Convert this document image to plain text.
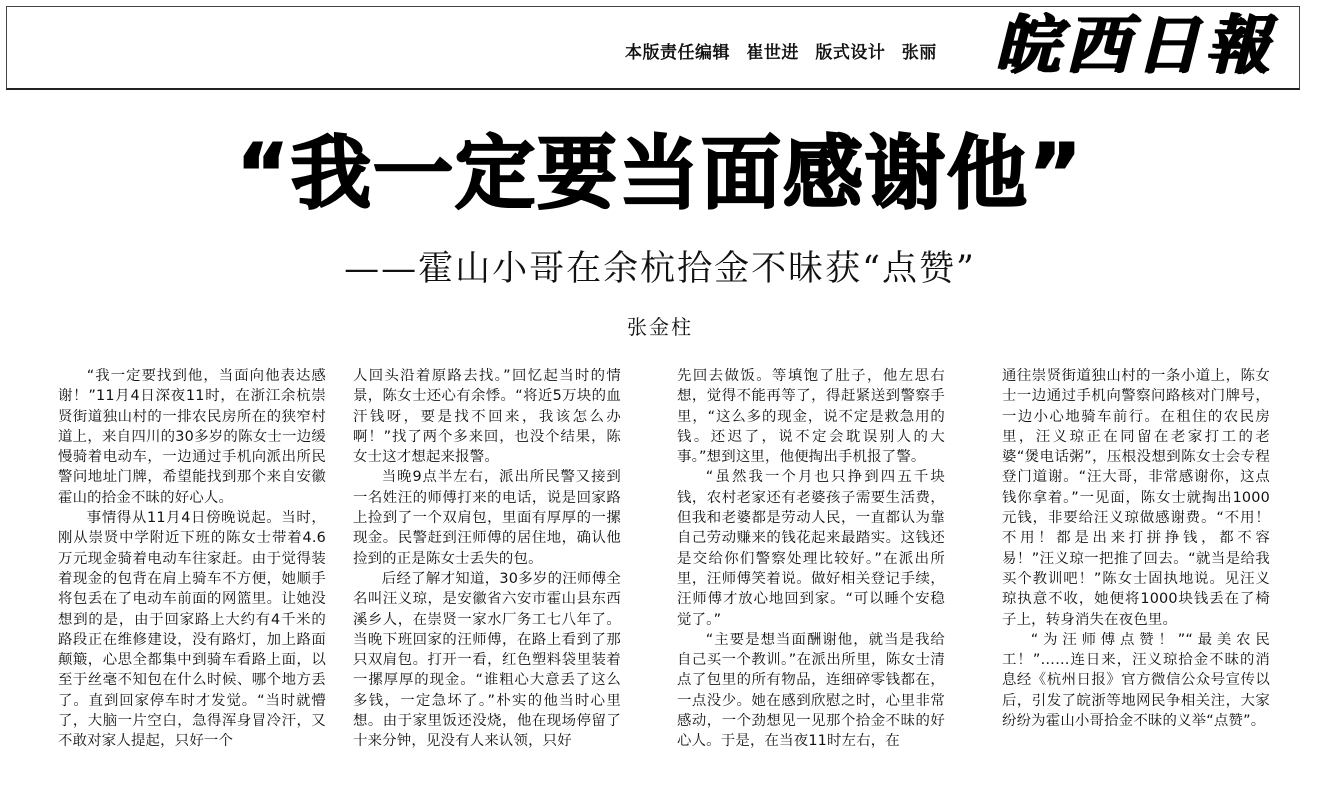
本版责任编辑 崔世进 版式设计 张丽 皖西日報
“我一定要当面感谢他”
——霍山小哥在余杭拾金不昧获“点赞”
张金柱

“我一定要找到他，当面向他表达感谢！”11月4日深夜11时，在浙江余杭崇贤街道独山村的一排农民房所在的狭窄村道上，来自四川的30多岁的陈女士一边缓慢骑着电动车，一边通过手机向派出所民警问地址门牌，希望能找到那个来自安徽霍山的拾金不昧的好心人。

事情得从11月4日傍晚说起。当时，刚从崇贤中学附近下班的陈女士带着4.6万元现金骑着电动车往家赶。由于觉得装着现金的包背在肩上骑车不方便，她顺手将包丢在了电动车前面的网篮里。让她没想到的是，由于回家路上大约有4千米的路段正在维修建设，没有路灯，加上路面颠簸，心思全都集中到骑车看路上面，以至于丝毫不知包在什么时候、哪个地方丢了。直到回家停车时才发觉。“当时就懵了，大脑一片空白，急得浑身冒冷汗，又不敢对家人提起，只好一个

人回头沿着原路去找。”回忆起当时的情景，陈女士还心有余悸。“将近5万块的血汗钱呀，要是找不回来，我该怎么办啊！”找了两个多来回，也没个结果，陈女士这才想起来报警。

当晚9点半左右，派出所民警又接到一名姓汪的师傅打来的电话，说是回家路上捡到了一个双肩包，里面有厚厚的一摞现金。民警赶到汪师傅的居住地，确认他捡到的正是陈女士丢失的包。

后经了解才知道，30多岁的汪师傅全名叫汪义琼，是安徽省六安市霍山县东西溪乡人，在崇贤一家水厂务工七八年了。当晚下班回家的汪师傅，在路上看到了那只双肩包。打开一看，红色塑料袋里装着一摞厚厚的现金。“谁粗心大意丢了这么多钱，一定急坏了。”朴实的他当时心里想。由于家里饭还没烧，他在现场停留了十来分钟，见没有人来认领，只好

先回去做饭。等填饱了肚子，他左思右想，觉得不能再等了，得赶紧送到警察手里，“这么多的现金，说不定是救急用的钱。还迟了，说不定会耽误别人的大事。”想到这里，他便掏出手机报了警。

“虽然我一个月也只挣到四五千块钱，农村老家还有老婆孩子需要生活费，但我和老婆都是劳动人民，一直都认为靠自己劳动赚来的钱花起来最踏实。这钱还是交给你们警察处理比较好。”在派出所里，汪师傅笑着说。做好相关登记手续，汪师傅才放心地回到家。“可以睡个安稳觉了。”

“主要是想当面酬谢他，就当是我给自己买一个教训。”在派出所里，陈女士清点了包里的所有物品，连细碎零钱都在，一点没少。她在感到欣慰之时，心里非常感动，一个劲想见一见那个拾金不昧的好心人。于是，在当夜11时左右，在

通往崇贤街道独山村的一条小道上，陈女士一边通过手机向警察问路核对门牌号，一边小心地骑车前行。在租住的农民房里，汪义琼正在同留在老家打工的老婆“煲电话粥”，压根没想到陈女士会专程登门道谢。“汪大哥，非常感谢你，这点钱你拿着。”一见面，陈女士就掏出1000元钱，非要给汪义琼做感谢费。“不用！不用！都是出来打拼挣钱，都不容易！”汪义琼一把推了回去。“就当是给我买个教训吧！”陈女士固执地说。见汪义琼执意不收，她便将1000块钱丢在了椅子上，转身消失在夜色里。

“为汪师傅点赞！”“最美农民工！”……连日来，汪义琼拾金不昧的消息经《杭州日报》官方微信公众号宣传以后，引发了皖浙等地网民争相关注，大家纷纷为霍山小哥拾金不昧的义举“点赞”。
